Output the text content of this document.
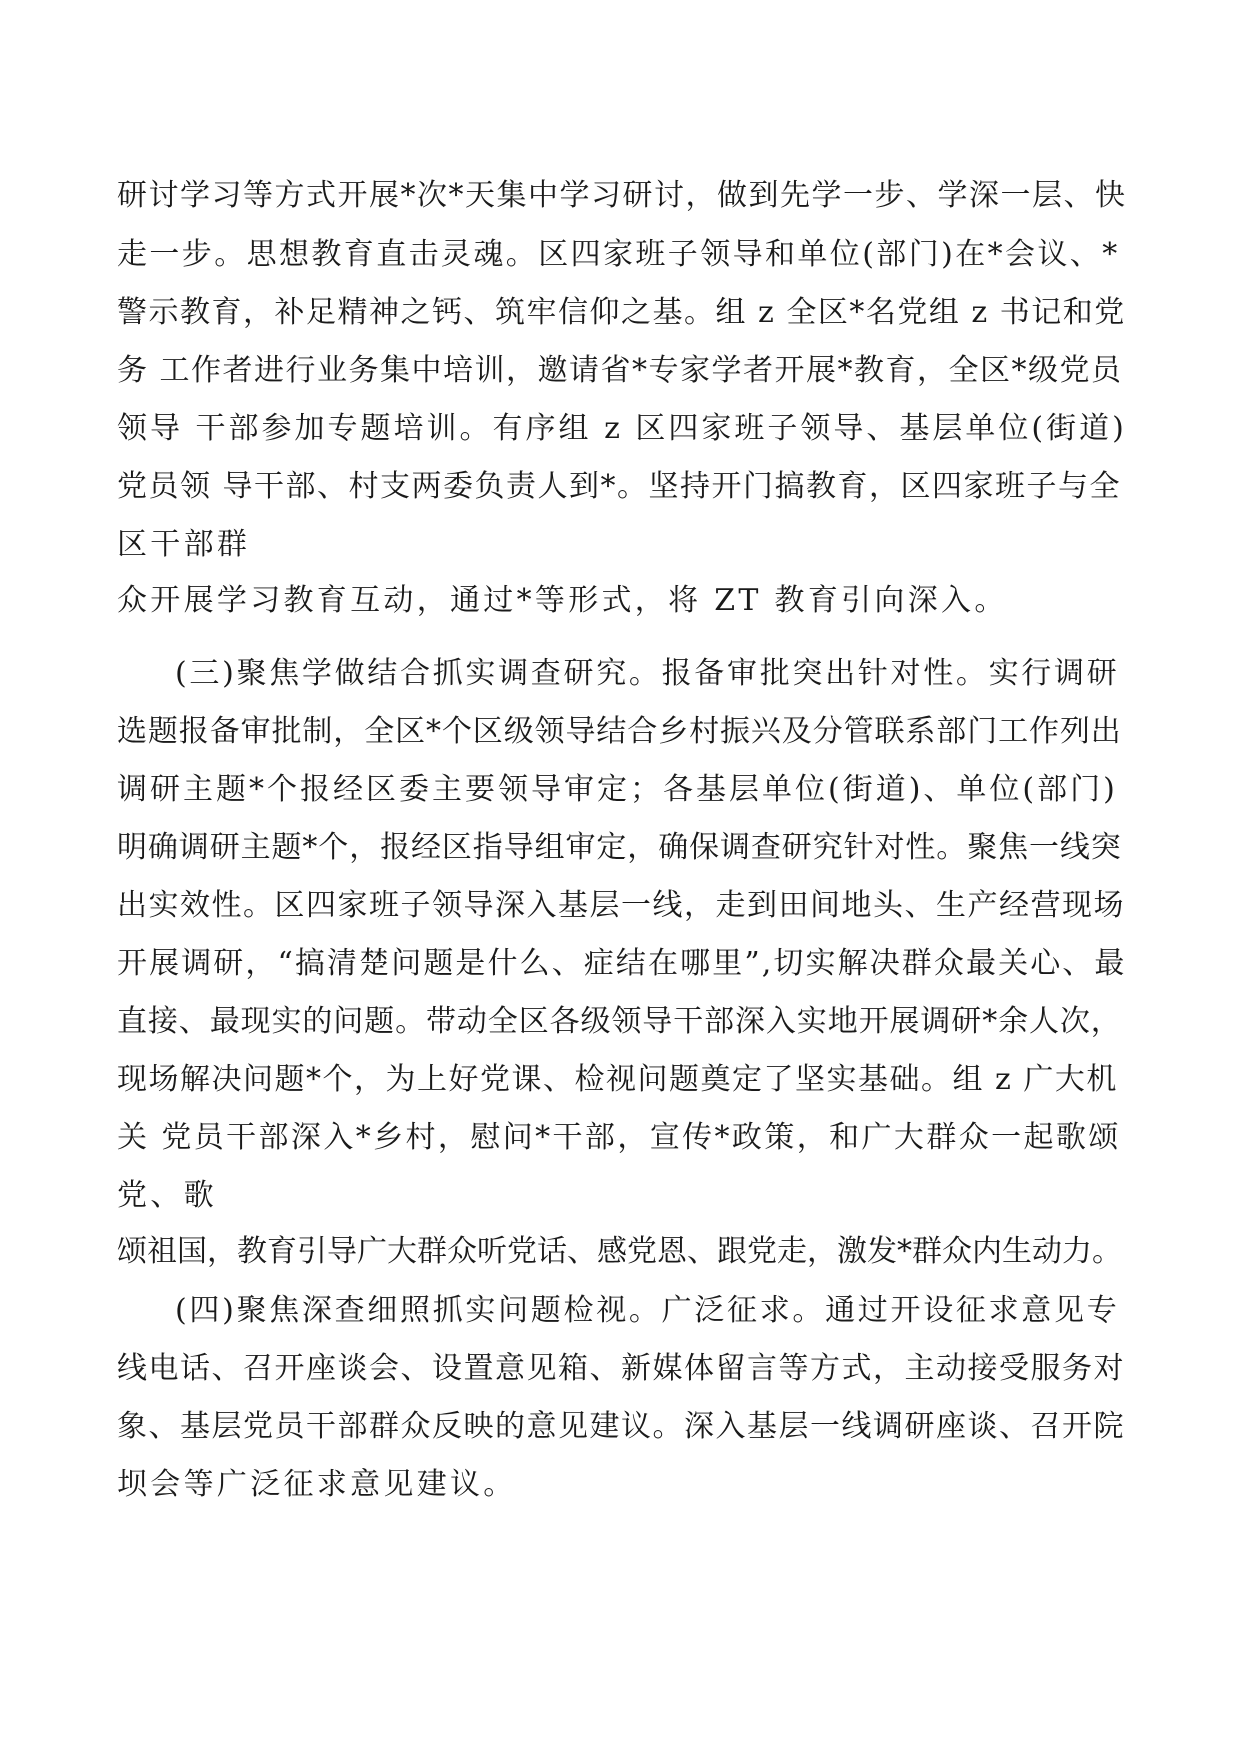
研讨学习等方式开展*次*天集中学习研讨，做到先学一步、学深一层、快
走一步。思想教育直击灵魂。区四家班子领导和单位(部门)在*会议、*
警示教育，补足精神之钙、筑牢信仰之基。组 z 全区*名党组 z 书记和党
务 工作者进行业务集中培训，邀请省*专家学者开展*教育，全区*级党员
领导 干部参加专题培训。有序组 z 区四家班子领导、基层单位(街道)
党员领 导干部、村支两委负责人到*。坚持开门搞教育，区四家班子与全
区干部群
众开展学习教育互动，通过*等形式，将 ZT 教育引向深入。
(三)聚焦学做结合抓实调查研究。报备审批突出针对性。实行调研
选题报备审批制，全区*个区级领导结合乡村振兴及分管联系部门工作列出
调研主题*个报经区委主要领导审定；各基层单位(街道)、单位(部门)
明确调研主题*个，报经区指导组审定，确保调查研究针对性。聚焦一线突
出实效性。区四家班子领导深入基层一线，走到田间地头、生产经营现场
开展调研，“搞清楚问题是什么、症结在哪里”,切实解决群众最关心、最
直接、最现实的问题。带动全区各级领导干部深入实地开展调研*余人次，
现场解决问题*个，为上好党课、检视问题奠定了坚实基础。组 z 广大机
关 党员干部深入*乡村，慰问*干部，宣传*政策，和广大群众一起歌颂
党、歌
颂祖国，教育引导广大群众听党话、感党恩、跟党走，激发*群众内生动力。
(四)聚焦深查细照抓实问题检视。广泛征求。通过开设征求意见专
线电话、召开座谈会、设置意见箱、新媒体留言等方式，主动接受服务对
象、基层党员干部群众反映的意见建议。深入基层一线调研座谈、召开院
坝会等广泛征求意见建议。
